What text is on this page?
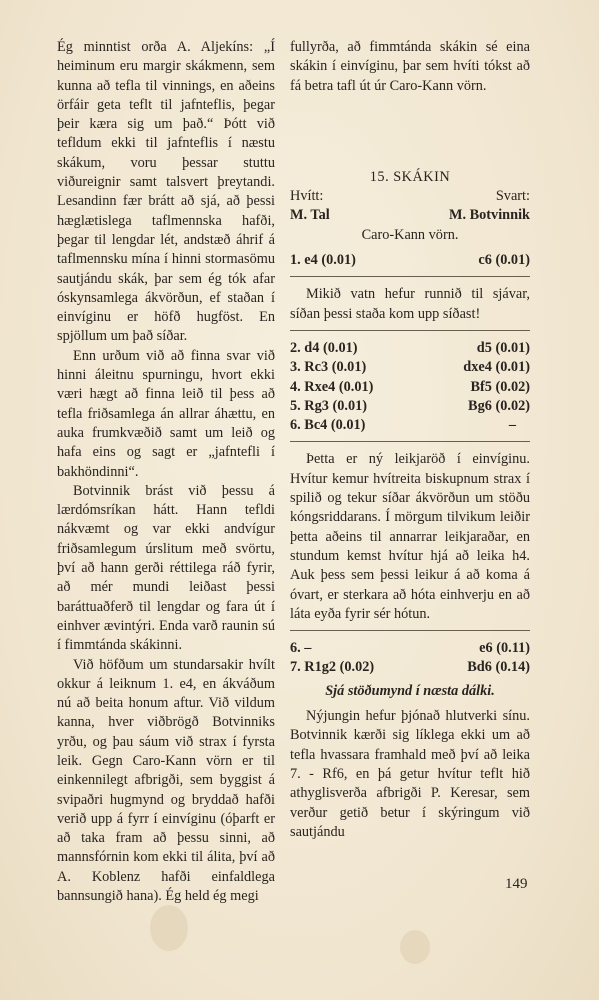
Ég minntist orða A. Aljekíns: „Í heiminum eru margir skákmenn, sem kunna að tefla til vinnings, en aðeins örfáir geta teflt til jafnteflis, þegar þeir kæra sig um það.“ Þótt við tefldum ekki til jafnteflis í næstu skákum, voru þessar stuttu viðureignir samt talsvert þreytandi. Lesandinn fær brátt að sjá, að þessi hæglætislega taflmennska hafði, þegar til lengdar lét, andstæð áhrif á taflmennsku mína í hinni stormasömu sautjándu skák, þar sem ég tók afar óskynsamlega ákvörðun, ef staðan í einvíginu er höfð hugföst. En spjöllum um það síðar.

Enn urðum við að finna svar við hinni áleitnu spurningu, hvort ekki væri hægt að finna leið til þess að tefla friðsamlega án allrar áhættu, en auka frumkvæðið samt um leið og hafa eins og sagt er „jafntefli í bakhöndinni“.

Botvinnik brást við þessu á lærdómsríkan hátt. Hann tefldi nákvæmt og var ekki andvígur friðsamlegum úrslitum með svörtu, því að hann gerði réttilega ráð fyrir, að mér mundi leiðast þessi baráttuaðferð til lengdar og fara út í einhver ævintýri. Enda varð raunin sú í fimmtánda skákinni.

Við höfðum um stundarsakir hvílt okkur á leiknum 1. e4, en ákváðum nú að beita honum aftur. Við vildum kanna, hver viðbrögð Botvinniks yrðu, og þau sáum við strax í fyrsta leik. Gegn Caro-Kann vörn er til einkennilegt afbrigði, sem byggist á svipaðri hugmynd og bryddað hafði verið upp á fyrr í einvíginu (óþarft er að taka fram að þessu sinni, að mannsfórnin kom ekki til álita, því að A. Koblenz hafði einfaldlega bannsungið hana). Ég held ég megi

fullyrða, að fimmtánda skákin sé eina skákin í einvíginu, þar sem hvíti tókst að fá betra tafl út úr Caro-Kann vörn.

15. SKÁKIN
Hvítt:	Svart:
M. Tal	M. Botvinnik
Caro-Kann vörn.
1. e4 (0.01)	c6 (0.01)

Mikið vatn hefur runnið til sjávar, síðan þessi staða kom upp síðast!

2. d4 (0.01)	d5 (0.01)
3. Rc3 (0.01)	dxe4 (0.01)
4. Rxe4 (0.01)	Bf5 (0.02)
5. Rg3 (0.01)	Bg6 (0.02)
6. Bc4 (0.01)	–

Þetta er ný leikjaröð í einvíginu. Hvítur kemur hvítreita biskupnum strax í spilið og tekur síðar ákvörðun um stöðu kóngsriddarans. Í mörgum tilvikum leiðir þetta aðeins til annarrar leikjaraðar, en stundum kemst hvítur hjá að leika h4. Auk þess sem þessi leikur á að koma á óvart, er sterkara að hóta einhverju en að láta eyða fyrir sér hótun.

6. –	e6 (0.11)
7. R1g2 (0.02)	Bd6 (0.14)
Sjá stöðumynd í næsta dálki.

Nýjungin hefur þjónað hlutverki sínu. Botvinnik kærði sig líklega ekki um að tefla hvassara framhald með því að leika 7. - Rf6, en þá getur hvítur teflt hið athyglisverða afbrigði P. Keresar, sem verður getið betur í skýringum við sautjándu

149
